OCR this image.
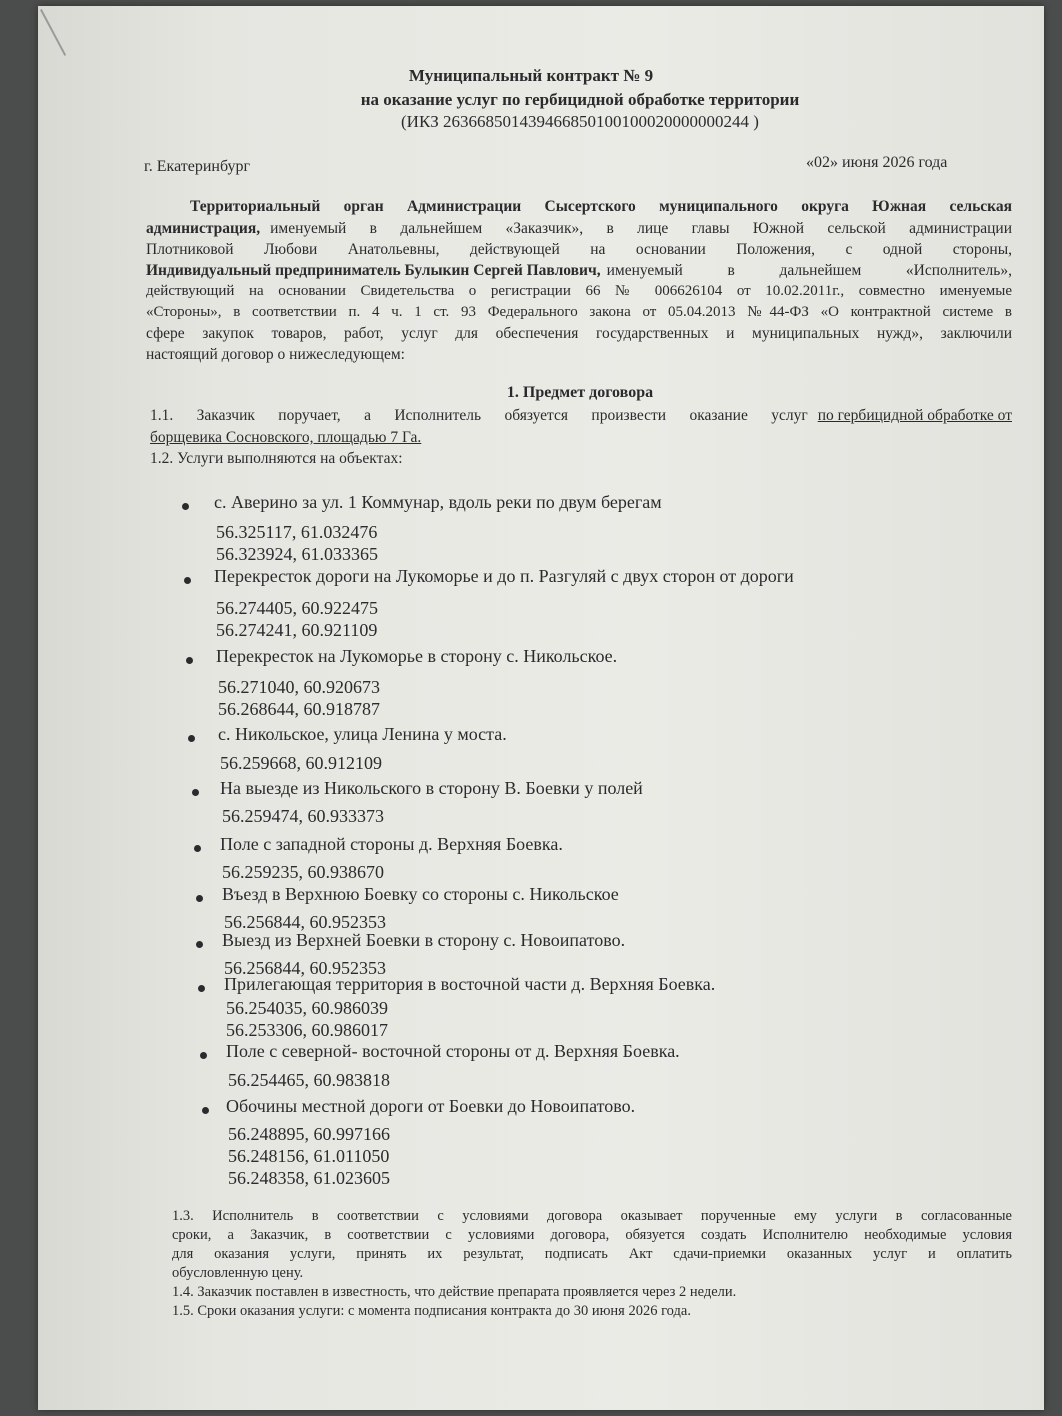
Муниципальный контракт № 9
на оказание услуг по гербицидной обработке территории
(ИКЗ 263668501439466850100100020000000244 )
г. Екатеринбург	«02» июня 2026 года
Территориальный орган Администрации Сысертского муниципального округа Южная сельская
администрация, именуемый в дальнейшем «Заказчик», в лице главы Южной сельской администрации
Плотниковой Любови Анатольевны, действующей на основании Положения, с одной стороны,
Индивидуальный предприниматель Булыкин Сергей Павлович, именуемый в дальнейшем «Исполнитель»,
действующий на основании Свидетельства о регистрации 66 № 006626104 от 10.02.2011г., совместно именуемые
«Стороны», в соответствии п. 4 ч. 1 ст. 93 Федерального закона от 05.04.2013 №44-ФЗ «О контрактной системе в
сфере закупок товаров, работ, услуг для обеспечения государственных и муниципальных нужд», заключили
настоящий договор о нижеследующем:
1. Предмет договора
1.1. Заказчик поручает, а Исполнитель обязуется произвести оказание услуг по гербицидной обработке от
борщевика Сосновского, площадью 7 Га.
1.2. Услуги выполняются на объектах:
с. Аверино за ул. 1 Коммунар, вдоль реки по двум берегам
56.325117, 61.032476
56.323924, 61.033365
Перекресток дороги на Лукоморье и до п. Разгуляй с двух сторон от дороги
56.274405, 60.922475
56.274241, 60.921109
Перекресток на Лукоморье в сторону с. Никольское.
56.271040, 60.920673
56.268644, 60.918787
с. Никольское, улица Ленина у моста.
56.259668, 60.912109
На выезде из Никольского в сторону В. Боевки у полей
56.259474, 60.933373
Поле с западной стороны д. Верхняя Боевка.
56.259235, 60.938670
Въезд в Верхнюю Боевку со стороны с. Никольское
56.256844, 60.952353
Выезд из Верхней Боевки в сторону с. Новоипатово.
56.256844, 60.952353
Прилегающая территория в восточной части д. Верхняя Боевка.
56.254035, 60.986039
56.253306, 60.986017
Поле с северной- восточной стороны от д. Верхняя Боевка.
56.254465, 60.983818
Обочины местной дороги от Боевки до Новоипатово.
56.248895, 60.997166
56.248156, 61.011050
56.248358, 61.023605
1.3. Исполнитель в соответствии с условиями договора оказывает порученные ему услуги в согласованные
сроки, а Заказчик, в соответствии с условиями договора, обязуется создать Исполнителю необходимые условия
для оказания услуги, принять их результат, подписать Акт сдачи-приемки оказанных услуг и оплатить
обусловленную цену.
1.4. Заказчик поставлен в известность, что действие препарата проявляется через 2 недели.
1.5. Сроки оказания услуги: с момента подписания контракта до 30 июня 2026 года.
